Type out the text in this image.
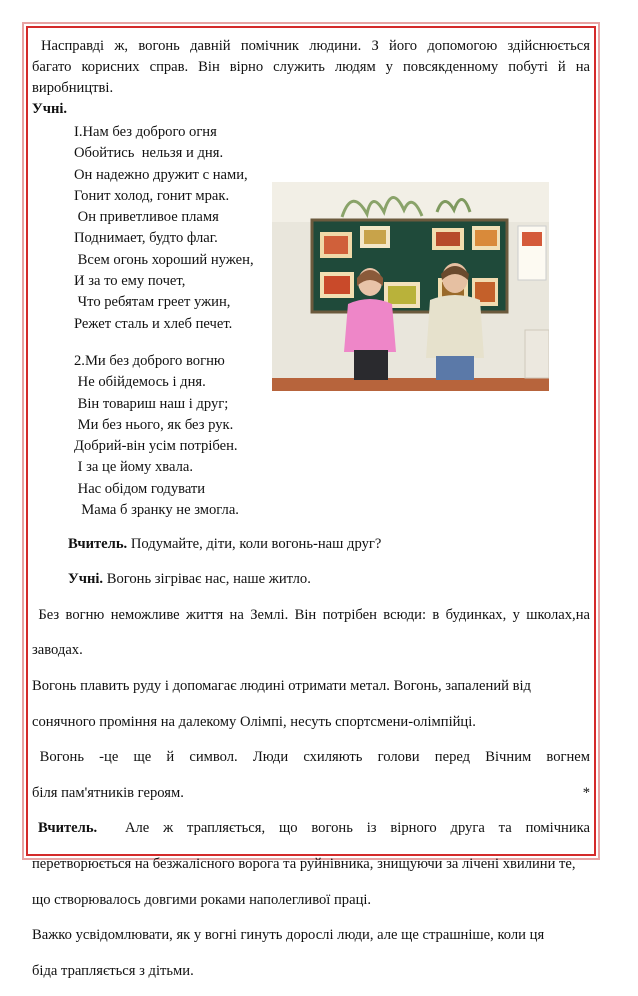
Насправді ж, вогонь давній помічник людини. З його допомогою здійснюється

багато корисних справ. Він вірно служить людям у повсякденному побуті й на

виробництві.

Учні.

І.Нам без доброго огня
Обойтись  нельзя и дня.
Он надежно дружит с нами,
Гонит холод, гонит мрак.
Он приветливое пламя
Поднимает, будто флаг.
Всем огонь хороший нужен,
И за то ему почет,
Что ребятам греет ужин,
Режет сталь и хлеб печет.
2.Ми без доброго вогню
Не обійдемось і дня.
Він товариш наш і друг;
Ми без нього, як без рук.
Добрий-він усім потрібен.
І за це йому хвала.
Нас обідом годувати
Мама б зранку не змогла.

Вчитель. Подумайте, діти, коли вогонь-наш друг?

Учні. Вогонь зігріває нас, наше житло.

Без вогню неможливе життя на Землі. Він потрібен всюди: в будинках, у школах,на

заводах.

Вогонь плавить руду і допомагає людині отримати метал. Вогонь, запалений від

сонячного проміння на далекому Олімпі, несуть спортсмени-олімпійці.

Вогонь  -це  ще  й  символ.  Люди  схиляють  голови  перед  Вічним  вогнем

*
біля пам'ятників героям.

Вчитель.  Але ж трапляється, що вогонь із вірного друга та помічника

перетворюється на безжалісного ворога та руйнівника, знищуючи за лічені хвилини те,

що створювалось довгими роками наполегливої праці.

Важко усвідомлювати, як у вогні гинуть дорослі люди, але ще страшніше, коли ця

біда трапляється з дітьми.
